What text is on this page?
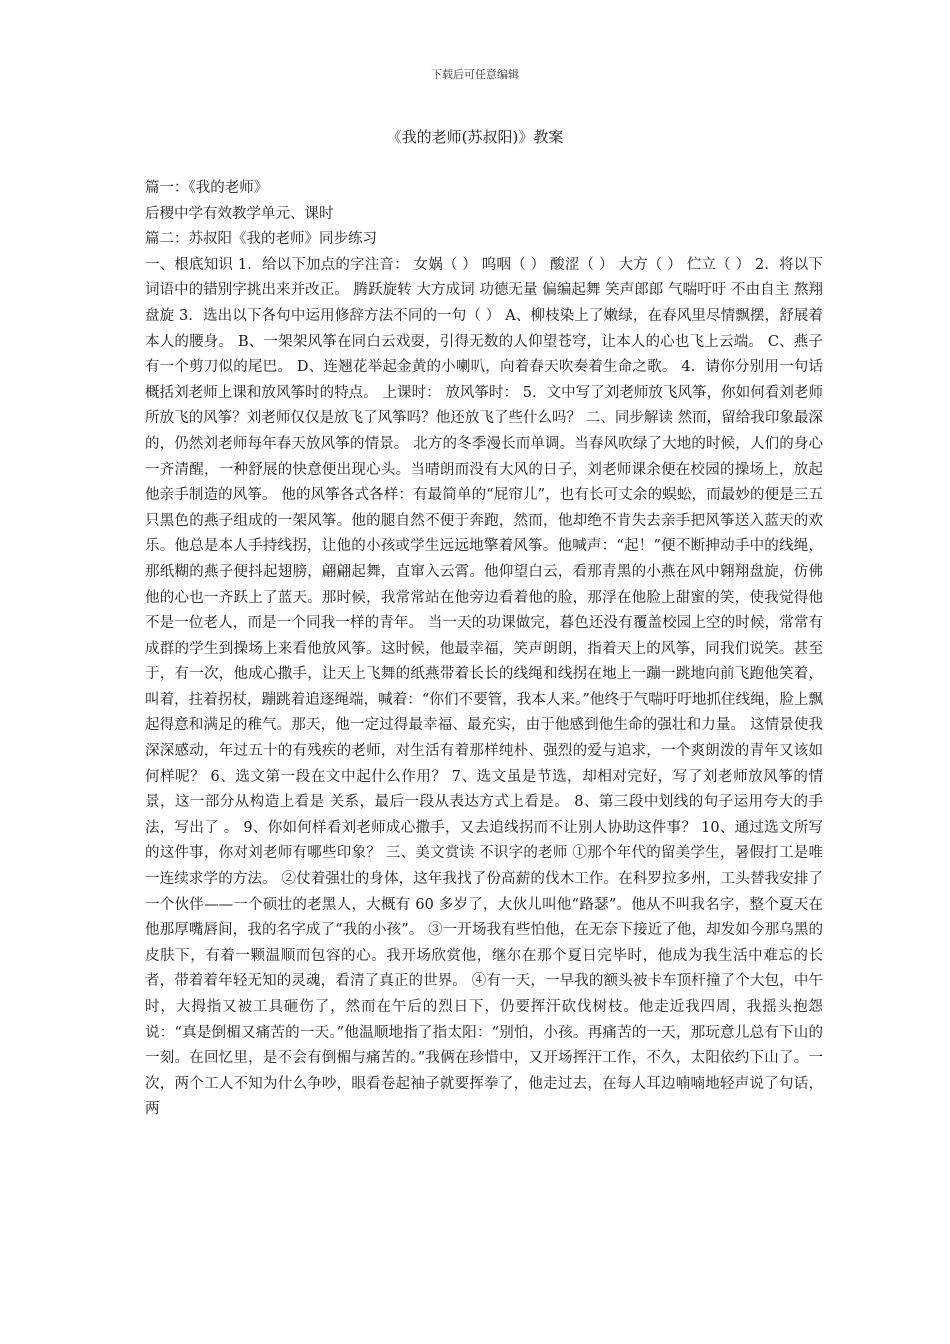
下载后可任意编辑
《我的老师(苏叔阳)》教案

篇一：《我的老师》

后稷中学有效教学单元、课时

篇二：苏叔阳《我的老师》同步练习

一、根底知识 1．给以下加点的字注音： 女娲（ ） 呜咽（ ） 酸涩（ ） 大方（ ） 伫立（ ） 2．将以下词语中的错别字挑出来并改正。 腾跃旋转 大方成词 功德无量 偏编起舞 笑声郎郎 气喘吁吁 不由自主 熬翔盘旋 3．选出以下各句中运用修辞方法不同的一句（ ） A、柳枝染上了嫩绿，在春风里尽情飘摆，舒展着本人的腰身。 B、一架架风筝在同白云戏耍，引得无数的人仰望苍穹，让本人的心也飞上云端。 C、燕子有一个剪刀似的尾巴。 D、连翘花举起金黄的小喇叭，向着春天吹奏着生命之歌。 4．请你分别用一句话概括刘老师上课和放风筝时的特点。 上课时： 放风筝时： 5．文中写了刘老师放飞风筝，你如何看刘老师所放飞的风筝？刘老师仅仅是放飞了风筝吗？他还放飞了些什么吗？ 二、同步解读 然而，留给我印象最深的，仍然刘老师每年春天放风筝的情景。 北方的冬季漫长而单调。当春风吹绿了大地的时候，人们的身心一齐清醒，一种舒展的快意便出现心头。当晴朗而没有大风的日子，刘老师课余便在校园的操场上，放起他亲手制造的风筝。 他的风筝各式各样：有最简单的“屁帘儿”，也有长可丈余的蜈蚣，而最妙的便是三五只黑色的燕子组成的一架风筝。他的腿自然不便于奔跑，然而，他却绝不肯失去亲手把风筝送入蓝天的欢乐。他总是本人手持线拐，让他的小孩或学生远远地擎着风筝。他喊声：“起！”便不断抻动手中的线绳，那纸糊的燕子便抖起翅膀，翩翩起舞，直窜入云霄。他仰望白云，看那青黑的小燕在风中翱翔盘旋，仿佛他的心也一齐跃上了蓝天。那时候，我常常站在他旁边看着他的脸，那浮在他脸上甜蜜的笑，使我觉得他不是一位老人，而是一个同我一样的青年。 当一天的功课做完，暮色还没有覆盖校园上空的时候，常常有成群的学生到操场上来看他放风筝。这时候，他最幸福，笑声朗朗，指着天上的风筝，同我们说笑。甚至于，有一次，他成心撒手，让天上飞舞的纸燕带着长长的线绳和线拐在地上一蹦一跳地向前飞跑他笑着，叫着，拄着拐杖，蹦跳着追逐绳端，喊着：“你们不要管，我本人来。”他终于气喘吁吁地抓住线绳，脸上飘起得意和满足的稚气。那天，他一定过得最幸福、最充实，由于他感到他生命的强壮和力量。 这情景使我深深感动，年过五十的有残疾的老师，对生活有着那样纯朴、强烈的爱与追求，一个爽朗泼的青年又该如何样呢？ 6、选文第一段在文中起什么作用？ 7、选文虽是节选，却相对完好，写了刘老师放风筝的情景，这一部分从构造上看是 关系，最后一段从表达方式上看是。 8、第三段中划线的句子运用夸大的手法，写出了 。 9、你如何样看刘老师成心撒手，又去追线拐而不让别人协助这件事？ 10、通过选文所写的这件事，你对刘老师有哪些印象？ 三、美文赏读 不识字的老师 ①那个年代的留美学生，暑假打工是唯一连续求学的方法。 ②仗着强壮的身体，这年我找了份高薪的伐木工作。在科罗拉多州，工头替我安排了一个伙伴——一个硕壮的老黑人，大概有 60 多岁了，大伙儿叫他“路瑟”。他从不叫我名字，整个夏天在他那厚嘴唇间，我的名字成了“我的小孩”。 ③一开场我有些怕他，在无奈下接近了他，却发如今那乌黑的皮肤下，有着一颗温顺而包容的心。我开场欣赏他，继尔在那个夏日完毕时，他成为我生活中难忘的长者，带着着年轻无知的灵魂，看清了真正的世界。 ④有一天，一早我的额头被卡车顶杆撞了个大包，中午时，大拇指又被工具砸伤了，然而在午后的烈日下，仍要挥汗砍伐树枝。他走近我四周，我摇头抱怨说：“真是倒楣又痛苦的一天。”他温顺地指了指太阳：“别怕，小孩。再痛苦的一天，那玩意儿总有下山的一刻。在回忆里，是不会有倒楣与痛苦的。”我俩在珍惜中，又开场挥汗工作，不久，太阳依约下山了。一次，两个工人不知为什么争吵，眼看卷起袖子就要挥拳了，他走过去，在每人耳边喃喃地轻声说了句话，两
